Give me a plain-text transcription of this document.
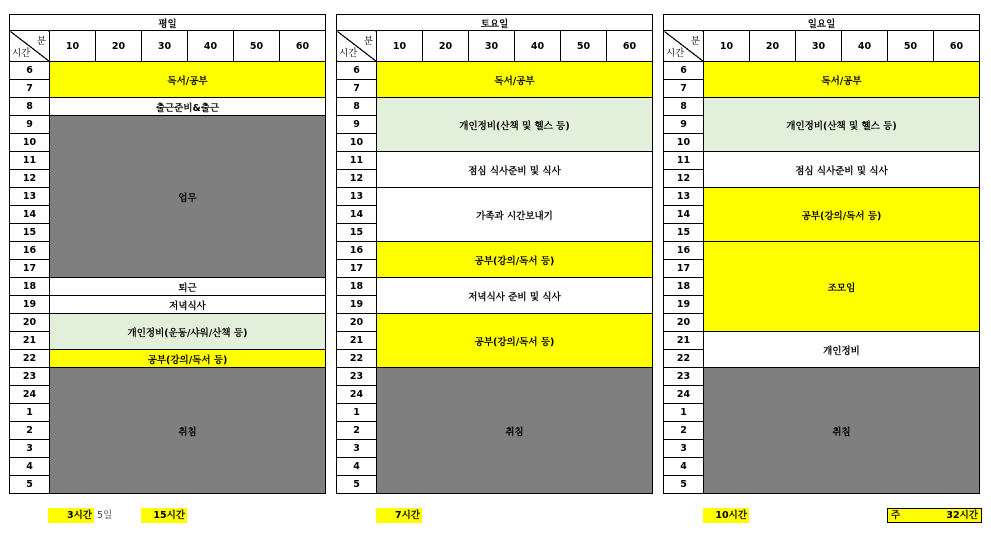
평일						

분
시간	10	20	30	40	50	60
6	독서/공부					
7						
8	출근준비&출근					
9	업무					
10						
11						
12						
13						
14						
15						
16						
17						
18	퇴근					
19	저녁식사					
20	개인정비(운동/샤워/산책 등)					
21						
22	공부(강의/독서 등)					
23	취침					
24						
1						
2						
3						
4						
5						
토요일						

분
시간	10	20	30	40	50	60
6	독서/공부					
7						
8	개인정비(산책 및 헬스 등)					
9						
10						
11	점심 식사준비 및 식사					
12						
13	가족과 시간보내기					
14						
15						
16	공부(강의/독서 등)					
17						
18	저녁식사 준비 및 식사					
19						
20	공부(강의/독서 등)					
21						
22						
23	취침					
24						
1						
2						
3						
4						
5						
일요일						

분
시간	10	20	30	40	50	60
6	독서/공부					
7						
8	개인정비(산책 및 헬스 등)					
9						
10						
11	점심 식사준비 및 식사					
12						
13	공부(강의/독서 등)					
14						
15						
16	조모임					
17						
18						
19						
20						
21	개인정비					
22						
23	취침					
24						
1						
2						
3						
4						
5						
3시간 5일	15시간	7시간	10시간	주	32시간
